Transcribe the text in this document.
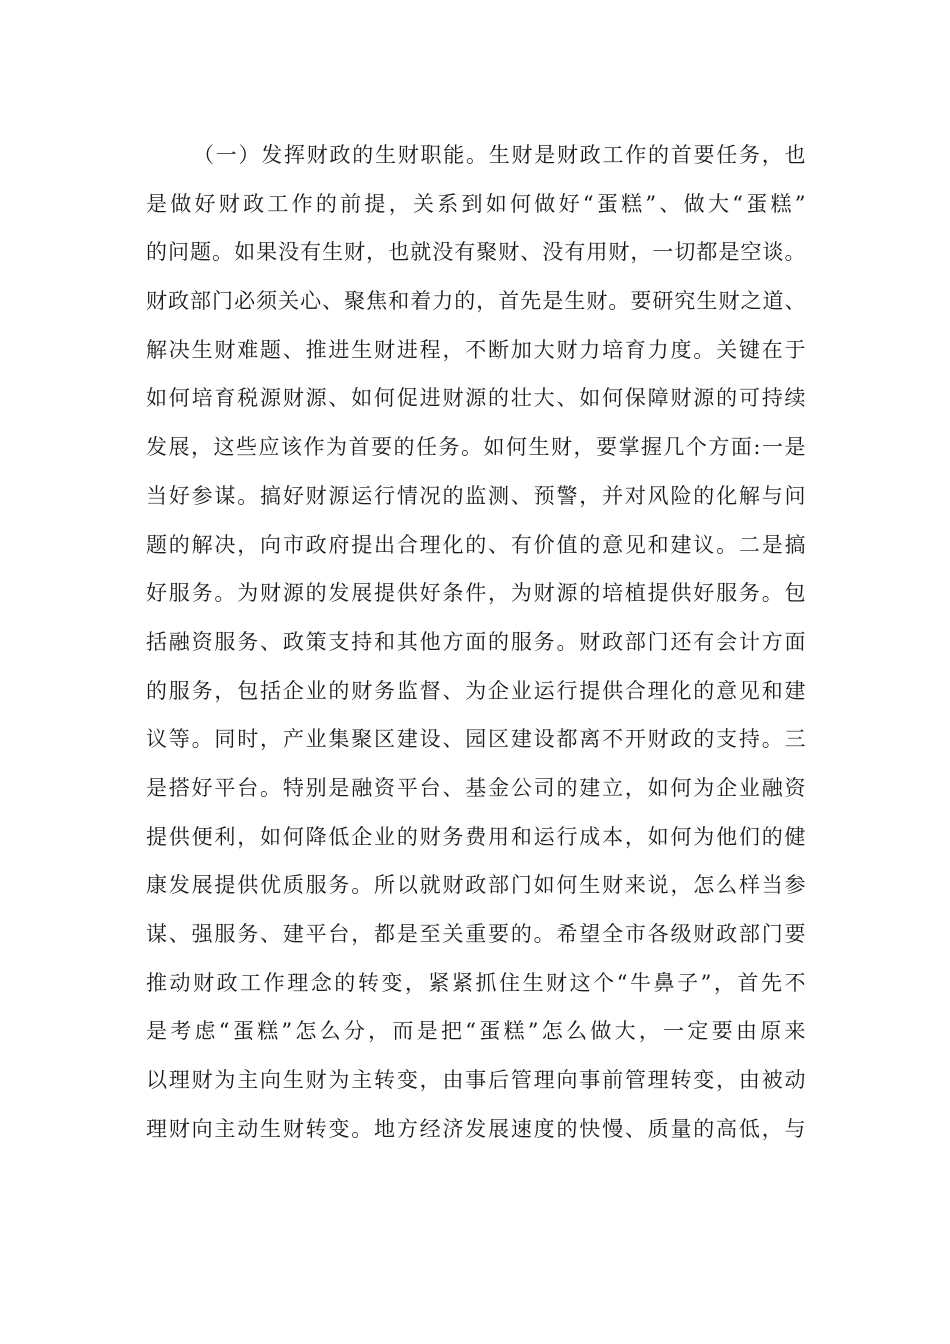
（一）发挥财政的生财职能。生财是财政工作的首要任务，也
是做好财政工作的前提，关系到如何做好“蛋糕”、做大“蛋糕”
的问题。如果没有生财，也就没有聚财、没有用财，一切都是空谈。
财政部门必须关心、聚焦和着力的，首先是生财。要研究生财之道、
解决生财难题、推进生财进程，不断加大财力培育力度。关键在于
如何培育税源财源、如何促进财源的壮大、如何保障财源的可持续
发展，这些应该作为首要的任务。如何生财，要掌握几个方面:一是
当好参谋。搞好财源运行情况的监测、预警，并对风险的化解与问
题的解决，向市政府提出合理化的、有价值的意见和建议。二是搞
好服务。为财源的发展提供好条件，为财源的培植提供好服务。包
括融资服务、政策支持和其他方面的服务。财政部门还有会计方面
的服务，包括企业的财务监督、为企业运行提供合理化的意见和建
议等。同时，产业集聚区建设、园区建设都离不开财政的支持。三
是搭好平台。特别是融资平台、基金公司的建立，如何为企业融资
提供便利，如何降低企业的财务费用和运行成本，如何为他们的健
康发展提供优质服务。所以就财政部门如何生财来说，怎么样当参
谋、强服务、建平台，都是至关重要的。希望全市各级财政部门要
推动财政工作理念的转变，紧紧抓住生财这个“牛鼻子”，首先不
是考虑“蛋糕”怎么分，而是把“蛋糕”怎么做大，一定要由原来
以理财为主向生财为主转变，由事后管理向事前管理转变，由被动
理财向主动生财转变。地方经济发展速度的快慢、质量的高低，与
